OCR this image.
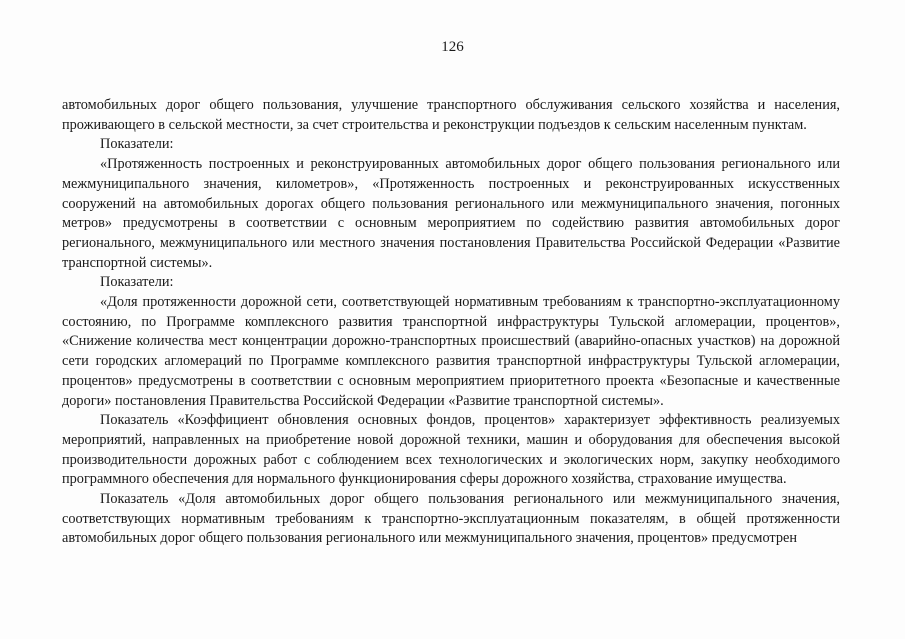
126

автомобильных дорог общего пользования, улучшение транспортного обслуживания сельского хозяйства и населения, проживающего в сельской местности, за счет строительства и реконструкции подъездов к сельским населенным пунктам.

Показатели:

«Протяженность построенных и реконструированных автомобильных дорог общего пользования регионального или межмуниципального значения, километров», «Протяженность построенных и реконструированных искусственных сооружений на автомобильных дорогах общего пользования регионального или межмуниципального значения, погонных метров» предусмотрены в соответствии с основным мероприятием по содействию развития автомобильных дорог регионального, межмуниципального или местного значения постановления Правительства Российской Федерации «Развитие транспортной системы».

Показатели:

«Доля протяженности дорожной сети, соответствующей нормативным требованиям к транспортно-эксплуатационному состоянию, по Программе комплексного развития транспортной инфраструктуры Тульской агломерации, процентов», «Снижение количества мест концентрации дорожно-транспортных происшествий (аварийно-опасных участков) на дорожной сети городских агломераций по Программе комплексного развития транспортной инфраструктуры Тульской агломерации, процентов» предусмотрены в соответствии с основным мероприятием приоритетного проекта «Безопасные и качественные дороги» постановления Правительства Российской Федерации «Развитие транспортной системы».

Показатель «Коэффициент обновления основных фондов, процентов» характеризует эффективность реализуемых мероприятий, направленных на приобретение новой дорожной техники, машин и оборудования для обеспечения высокой производительности дорожных работ с соблюдением всех технологических и экологических норм, закупку необходимого программного обеспечения для нормального функционирования сферы дорожного хозяйства, страхование имущества.

Показатель «Доля автомобильных дорог общего пользования регионального или межмуниципального значения, соответствующих нормативным требованиям к транспортно-эксплуатационным показателям, в общей протяженности автомобильных дорог общего пользования регионального или межмуниципального значения, процентов» предусмотрен
